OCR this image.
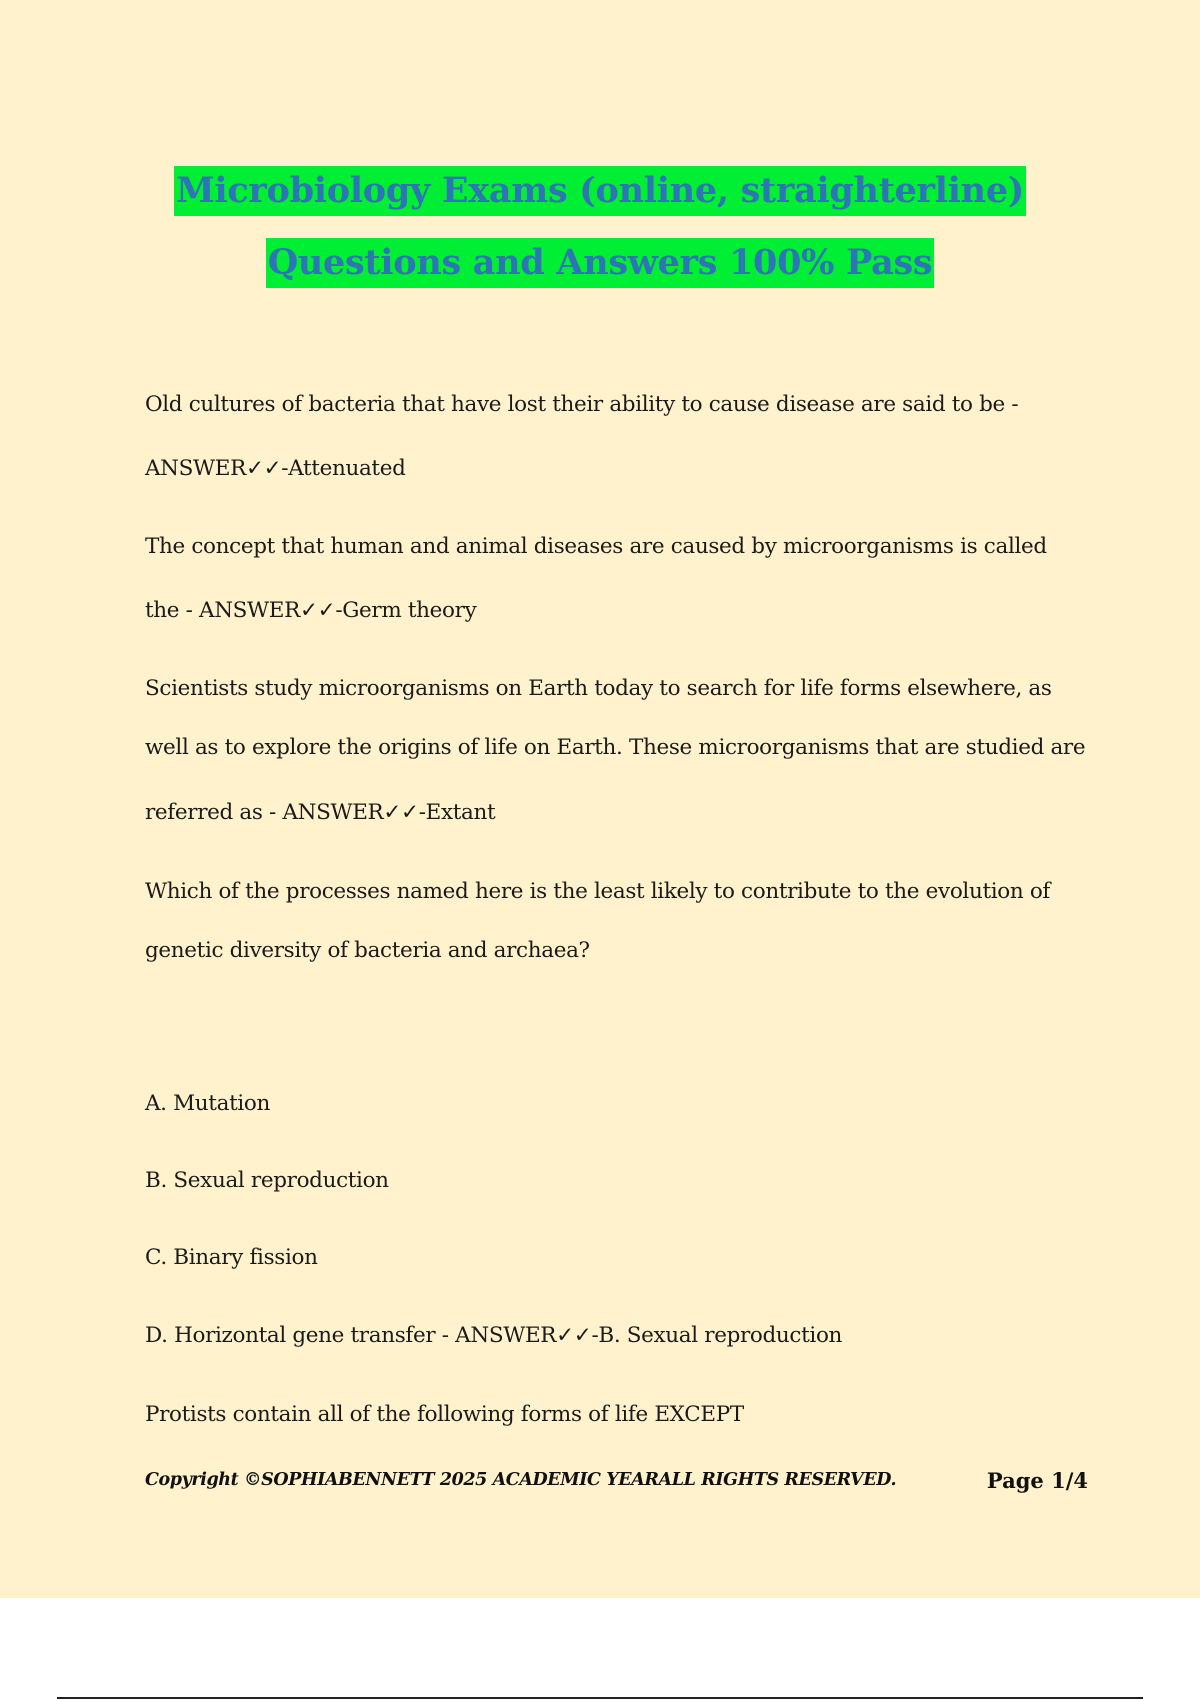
Microbiology Exams (online, straighterline)
Questions and Answers 100% Pass
Old cultures of bacteria that have lost their ability to cause disease are said to be -
ANSWER✓✓-Attenuated
The concept that human and animal diseases are caused by microorganisms is called
the - ANSWER✓✓-Germ theory
Scientists study microorganisms on Earth today to search for life forms elsewhere, as
well as to explore the origins of life on Earth. These microorganisms that are studied are
referred as - ANSWER✓✓-Extant
Which of the processes named here is the least likely to contribute to the evolution of
genetic diversity of bacteria and archaea?
A. Mutation
B. Sexual reproduction
C. Binary fission
D. Horizontal gene transfer - ANSWER✓✓-B. Sexual reproduction
Protists contain all of the following forms of life EXCEPT
Copyright ©SOPHIABENNETT 2025 ACADEMIC YEARALL RIGHTS RESERVED.	Page 1/4
